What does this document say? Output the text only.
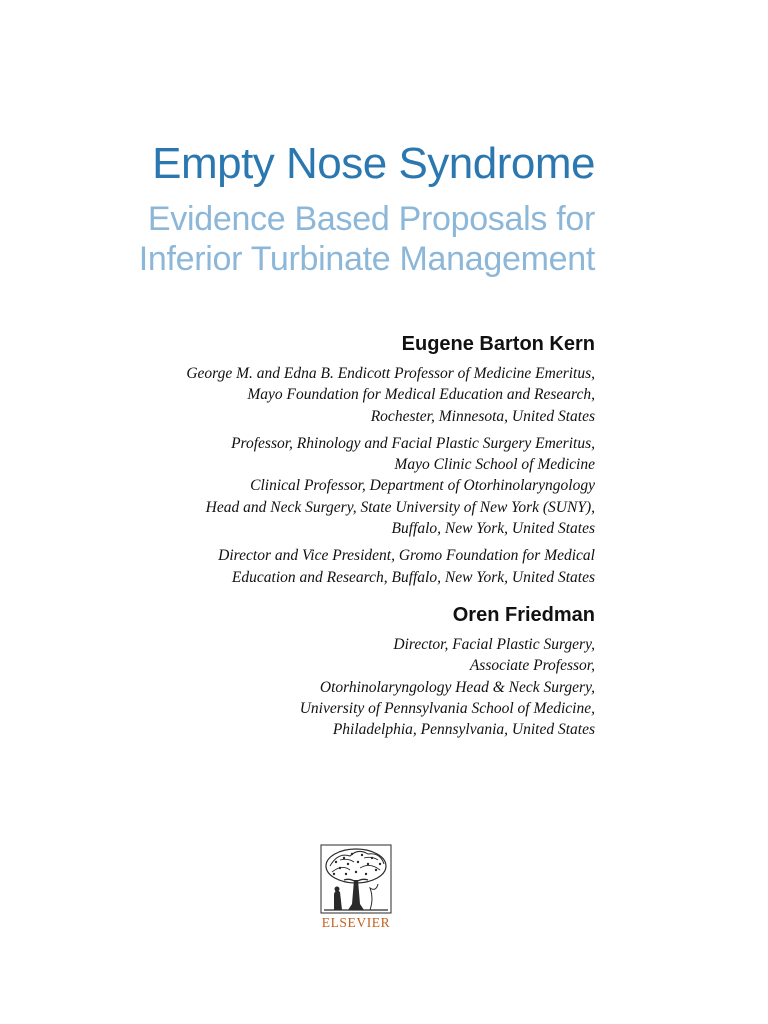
Empty Nose Syndrome
Evidence Based Proposals for
Inferior Turbinate Management
Eugene Barton Kern
George M. and Edna B. Endicott Professor of Medicine Emeritus,
Mayo Foundation for Medical Education and Research,
Rochester, Minnesota, United States
Professor, Rhinology and Facial Plastic Surgery Emeritus,
Mayo Clinic School of Medicine
Clinical Professor, Department of Otorhinolaryngology
Head and Neck Surgery, State University of New York (SUNY),
Buffalo, New York, United States
Director and Vice President, Gromo Foundation for Medical
Education and Research, Buffalo, New York, United States
Oren Friedman
Director, Facial Plastic Surgery,
Associate Professor,
Otorhinolaryngology Head & Neck Surgery,
University of Pennsylvania School of Medicine,
Philadelphia, Pennsylvania, United States
ELSEVIER
